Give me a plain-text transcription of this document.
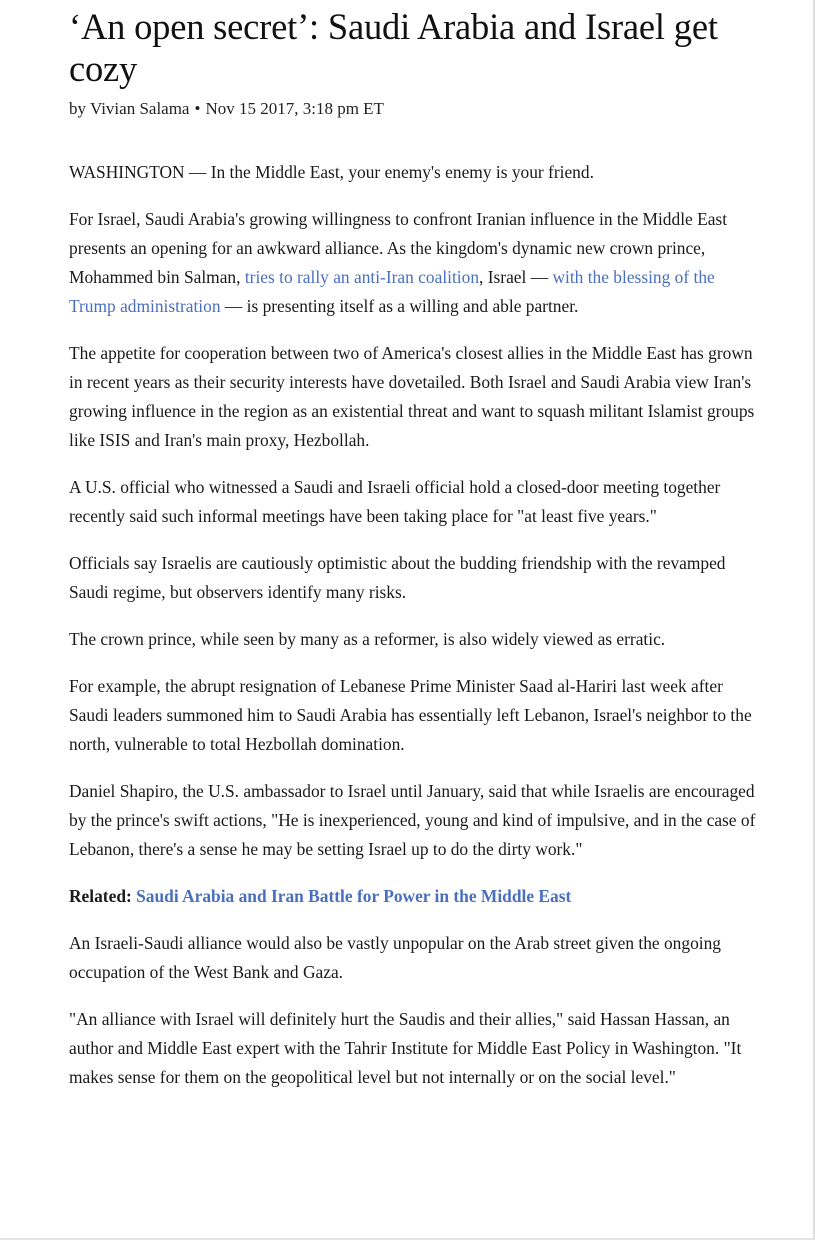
‘An open secret’: Saudi Arabia and Israel get cozy
by Vivian Salama • Nov 15 2017, 3:18 pm ET

WASHINGTON — In the Middle East, your enemy's enemy is your friend.

For Israel, Saudi Arabia's growing willingness to confront Iranian influence in the Middle East presents an opening for an awkward alliance. As the kingdom's dynamic new crown prince, Mohammed bin Salman, tries to rally an anti-Iran coalition, Israel — with the blessing of the Trump administration — is presenting itself as a willing and able partner.

The appetite for cooperation between two of America's closest allies in the Middle East has grown in recent years as their security interests have dovetailed. Both Israel and Saudi Arabia view Iran's growing influence in the region as an existential threat and want to squash militant Islamist groups like ISIS and Iran's main proxy, Hezbollah.

A U.S. official who witnessed a Saudi and Israeli official hold a closed-door meeting together recently said such informal meetings have been taking place for "at least five years."

Officials say Israelis are cautiously optimistic about the budding friendship with the revamped Saudi regime, but observers identify many risks.

The crown prince, while seen by many as a reformer, is also widely viewed as erratic.

For example, the abrupt resignation of Lebanese Prime Minister Saad al-Hariri last week after Saudi leaders summoned him to Saudi Arabia has essentially left Lebanon, Israel's neighbor to the north, vulnerable to total Hezbollah domination.

Daniel Shapiro, the U.S. ambassador to Israel until January, said that while Israelis are encouraged by the prince's swift actions, "He is inexperienced, young and kind of impulsive, and in the case of Lebanon, there's a sense he may be setting Israel up to do the dirty work."

Related: Saudi Arabia and Iran Battle for Power in the Middle East

An Israeli-Saudi alliance would also be vastly unpopular on the Arab street given the ongoing occupation of the West Bank and Gaza.

"An alliance with Israel will definitely hurt the Saudis and their allies," said Hassan Hassan, an author and Middle East expert with the Tahrir Institute for Middle East Policy in Washington. "It makes sense for them on the geopolitical level but not internally or on the social level."
